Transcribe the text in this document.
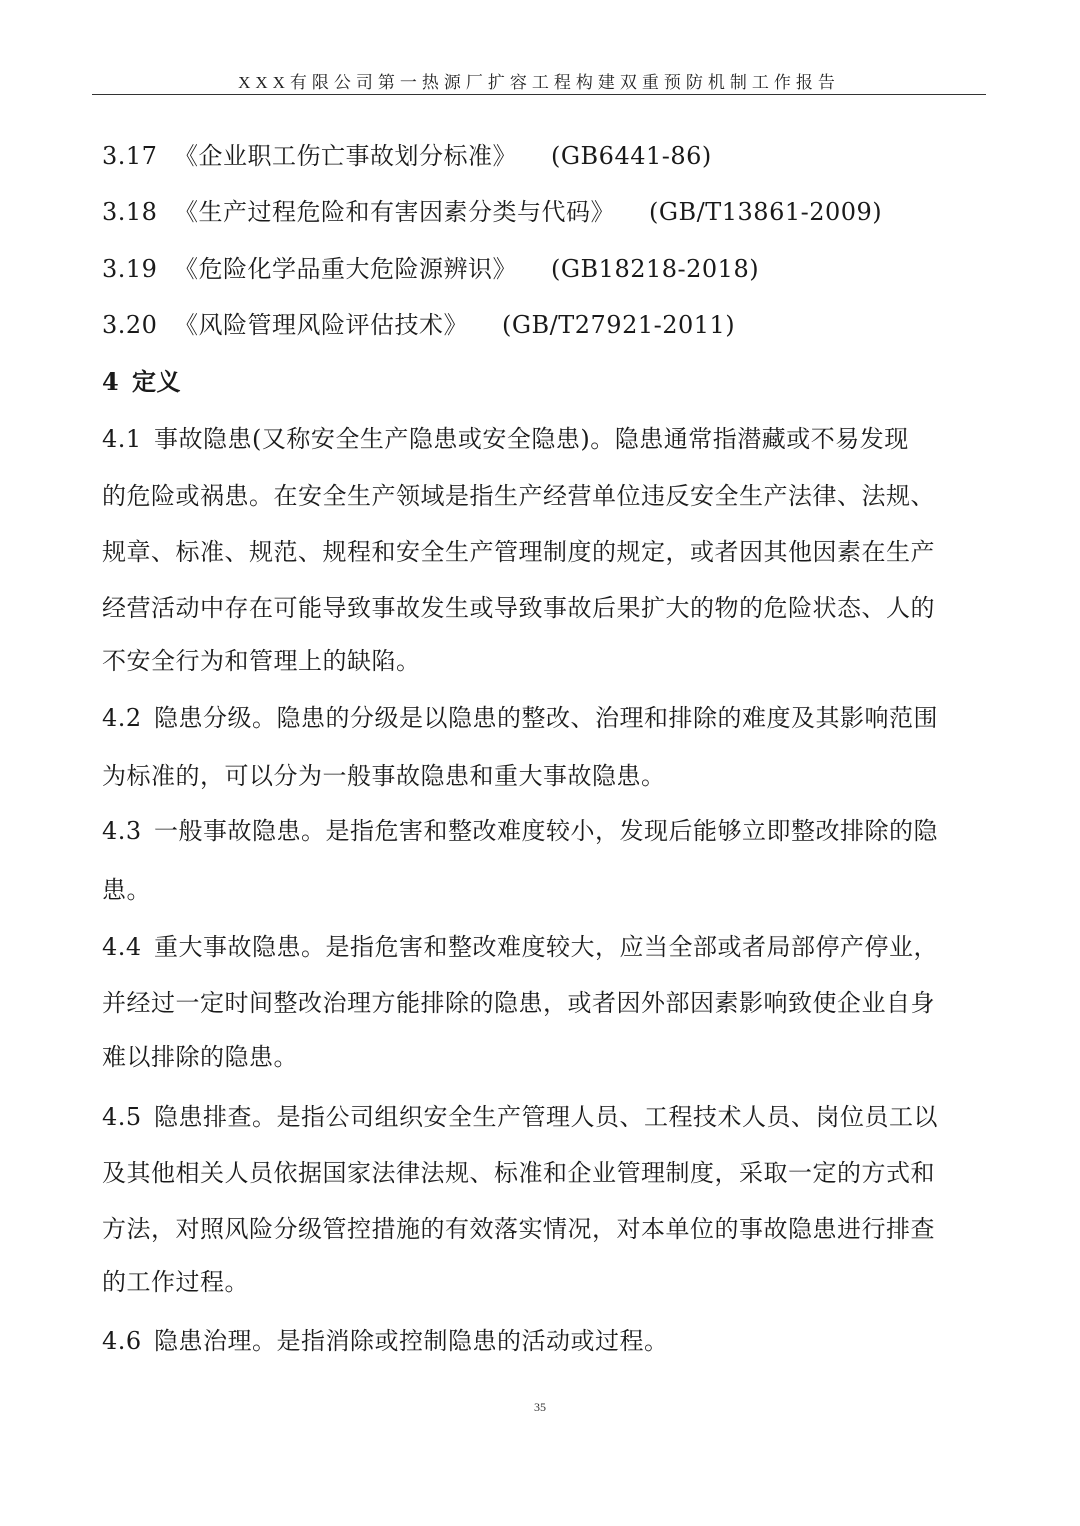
XXX有限公司第一热源厂扩容工程构建双重预防机制工作报告
3.17 《企业职工伤亡事故划分标准》 (GB6441-86)
3.18 《生产过程危险和有害因素分类与代码》 (GB/T13861-2009)
3.19 《危险化学品重大危险源辨识》 (GB18218-2018)
3.20 《风险管理风险评估技术》 (GB/T27921-2011)
4 定义
4.1 事故隐患(又称安全生产隐患或安全隐患)。隐患通常指潜藏或不易发现
的危险或祸患。在安全生产领域是指生产经营单位违反安全生产法律、法规、
规章、标准、规范、规程和安全生产管理制度的规定，或者因其他因素在生产
经营活动中存在可能导致事故发生或导致事故后果扩大的物的危险状态、人的
不安全行为和管理上的缺陷。
4.2 隐患分级。隐患的分级是以隐患的整改、治理和排除的难度及其影响范围
为标准的，可以分为一般事故隐患和重大事故隐患。
4.3 一般事故隐患。是指危害和整改难度较小，发现后能够立即整改排除的隐
患。
4.4 重大事故隐患。是指危害和整改难度较大，应当全部或者局部停产停业，
并经过一定时间整改治理方能排除的隐患，或者因外部因素影响致使企业自身
难以排除的隐患。
4.5 隐患排查。是指公司组织安全生产管理人员、工程技术人员、岗位员工以
及其他相关人员依据国家法律法规、标准和企业管理制度，采取一定的方式和
方法，对照风险分级管控措施的有效落实情况，对本单位的事故隐患进行排查
的工作过程。
4.6 隐患治理。是指消除或控制隐患的活动或过程。
35
